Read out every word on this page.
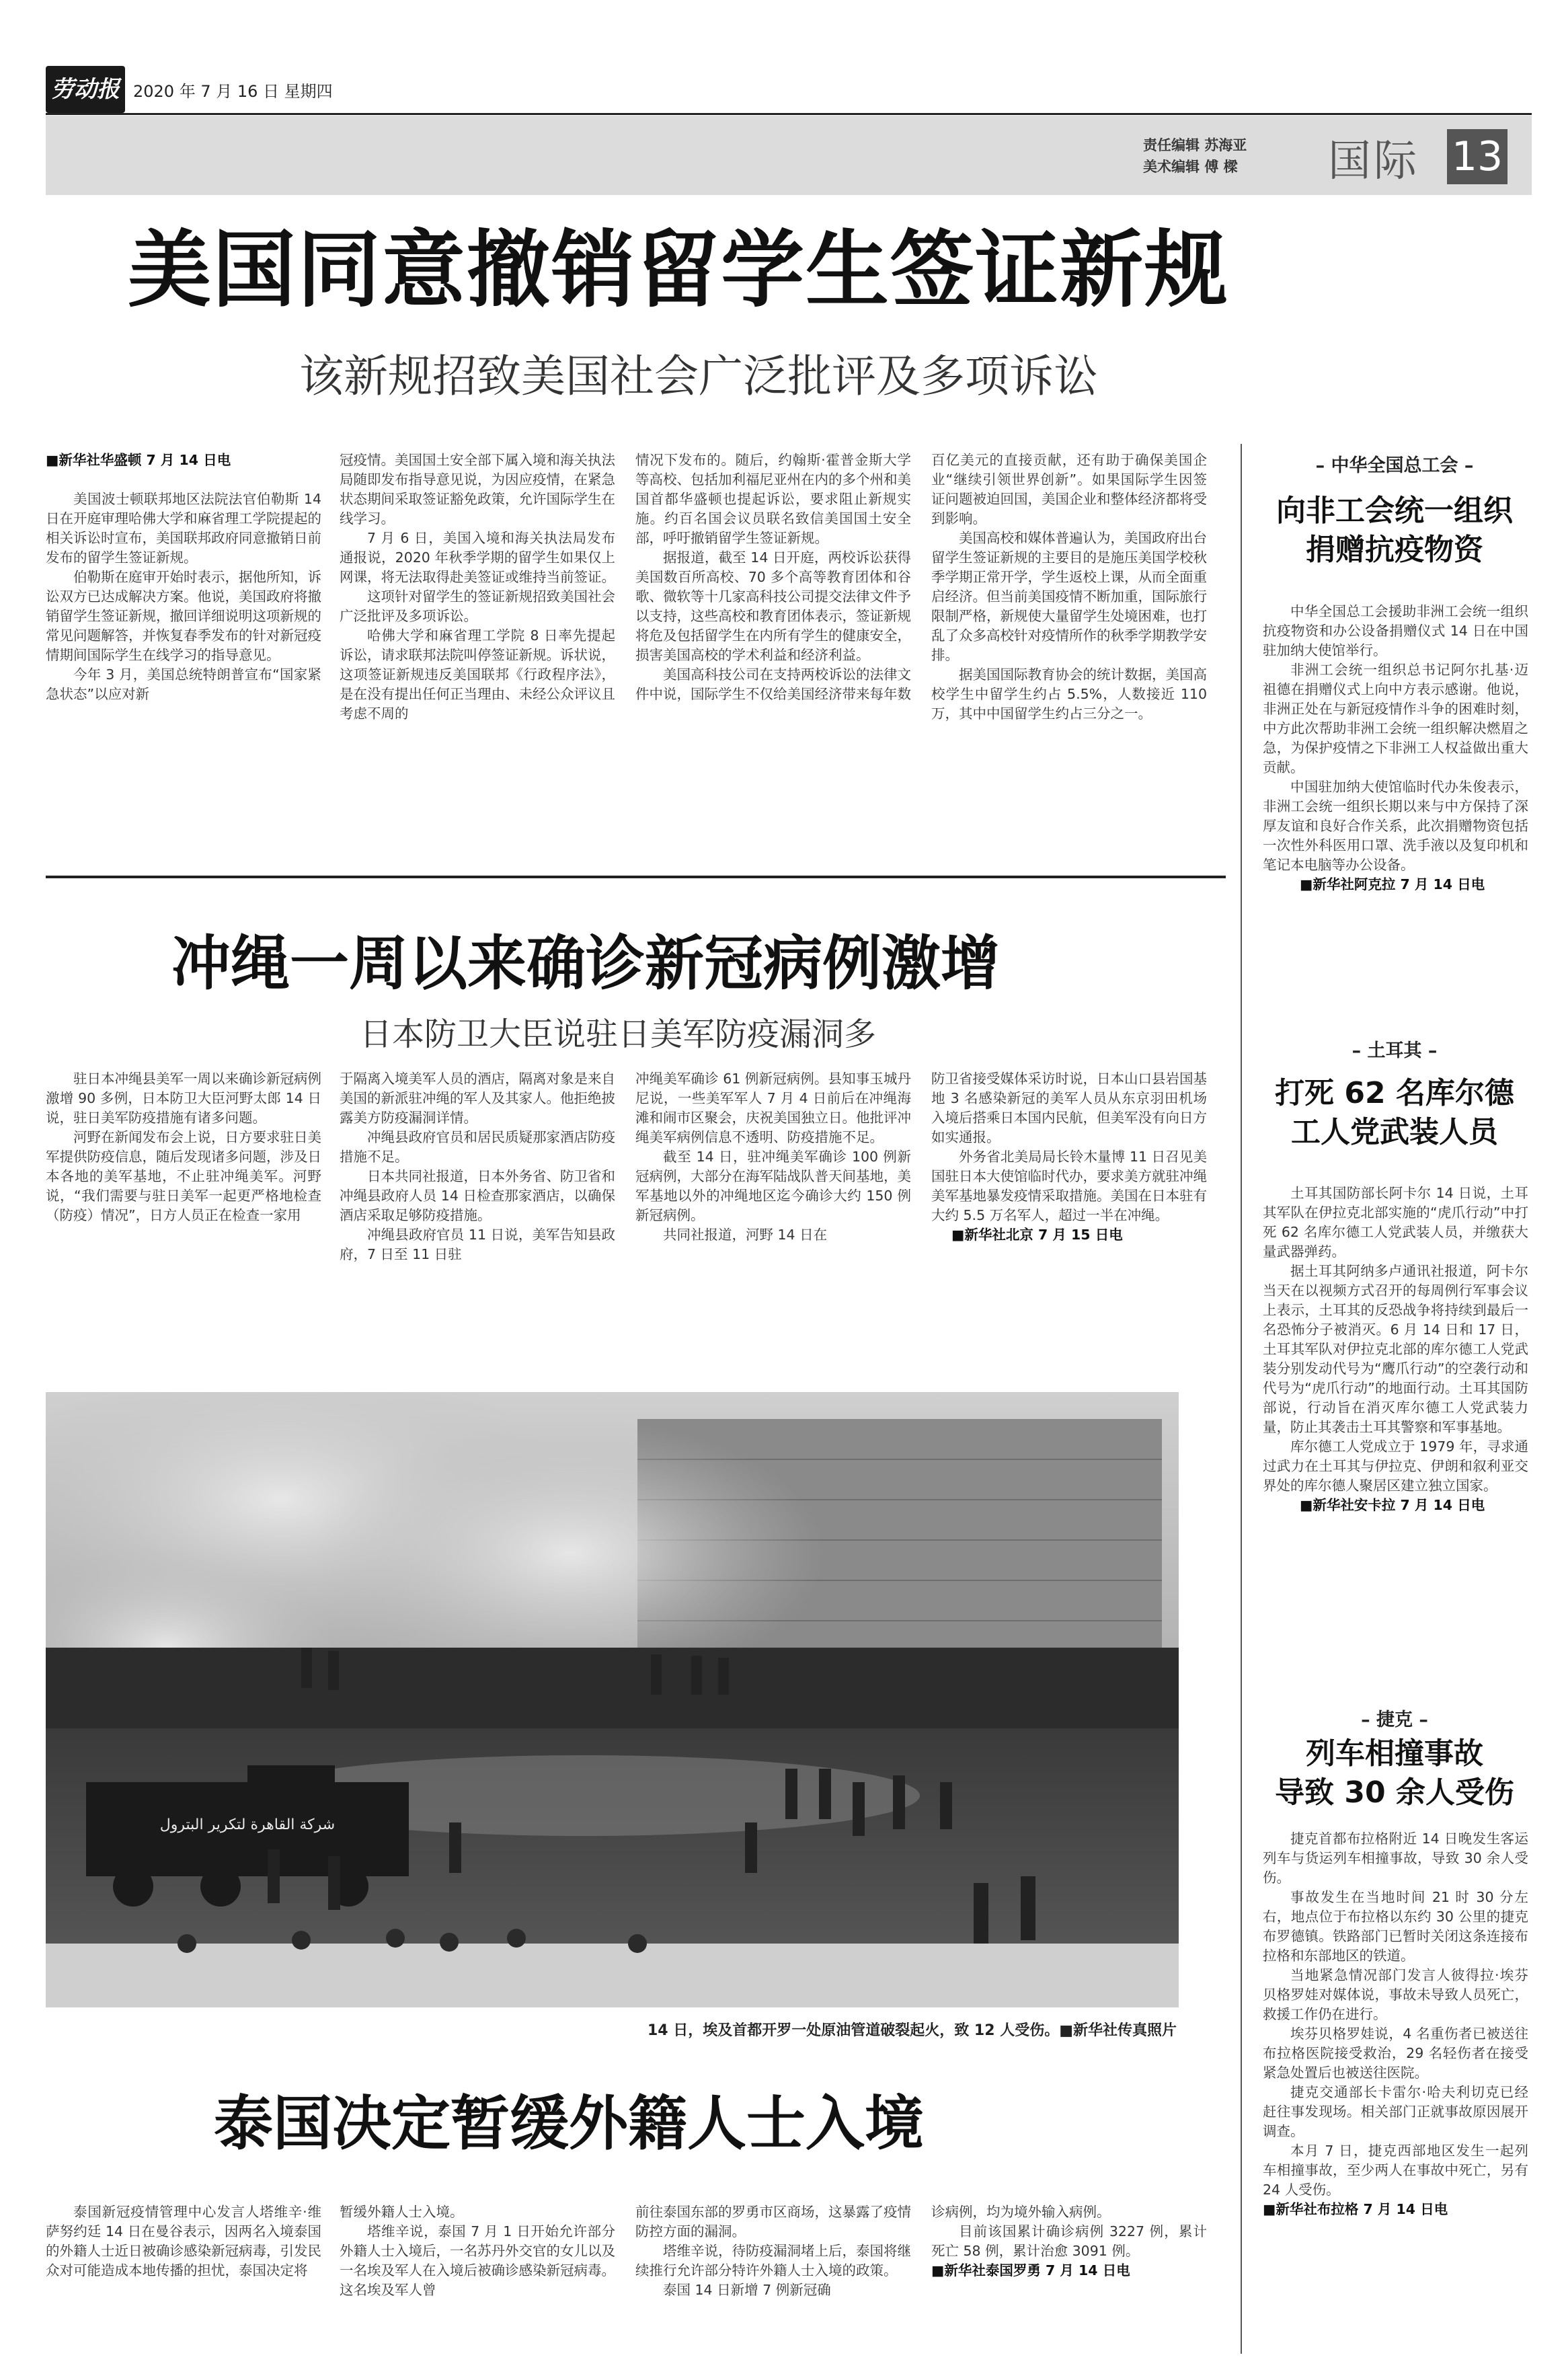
劳动报 2020 年 7 月 16 日 星期四
责任编辑 苏海亚
美术编辑 傅 樑 国际 13
美国同意撤销留学生签证新规
该新规招致美国社会广泛批评及多项诉讼

■新华社华盛顿 7 月 14 日电

美国波士顿联邦地区法院法官伯勒斯 14 日在开庭审理哈佛大学和麻省理工学院提起的相关诉讼时宣布，美国联邦政府同意撤销日前发布的留学生签证新规。

伯勒斯在庭审开始时表示，据他所知，诉讼双方已达成解决方案。他说，美国政府将撤销留学生签证新规，撤回详细说明这项新规的常见问题解答，并恢复春季发布的针对新冠疫情期间国际学生在线学习的指导意见。

今年 3 月，美国总统特朗普宣布“国家紧急状态”以应对新

冠疫情。美国国土安全部下属入境和海关执法局随即发布指导意见说，为因应疫情，在紧急状态期间采取签证豁免政策，允许国际学生在线学习。

7 月 6 日，美国入境和海关执法局发布通报说，2020 年秋季学期的留学生如果仅上网课，将无法取得赴美签证或维持当前签证。

这项针对留学生的签证新规招致美国社会广泛批评及多项诉讼。

哈佛大学和麻省理工学院 8 日率先提起诉讼，请求联邦法院叫停签证新规。诉状说，这项签证新规违反美国联邦《行政程序法》，是在没有提出任何正当理由、未经公众评议且考虑不周的

情况下发布的。随后，约翰斯·霍普金斯大学等高校、包括加利福尼亚州在内的多个州和美国首都华盛顿也提起诉讼，要求阻止新规实施。约百名国会议员联名致信美国国土安全部，呼吁撤销留学生签证新规。

据报道，截至 14 日开庭，两校诉讼获得美国数百所高校、70 多个高等教育团体和谷歌、微软等十几家高科技公司提交法律文件予以支持，这些高校和教育团体表示，签证新规将危及包括留学生在内所有学生的健康安全，损害美国高校的学术利益和经济利益。

美国高科技公司在支持两校诉讼的法律文件中说，国际学生不仅给美国经济带来每年数

百亿美元的直接贡献，还有助于确保美国企业“继续引领世界创新”。如果国际学生因签证问题被迫回国，美国企业和整体经济都将受到影响。

美国高校和媒体普遍认为，美国政府出台留学生签证新规的主要目的是施压美国学校秋季学期正常开学，学生返校上课，从而全面重启经济。但当前美国疫情不断加重，国际旅行限制严格，新规使大量留学生处境困难，也打乱了众多高校针对疫情所作的秋季学期教学安排。

据美国国际教育协会的统计数据，美国高校学生中留学生约占 5.5%，人数接近 110 万，其中中国留学生约占三分之一。

冲绳一周以来确诊新冠病例激增
日本防卫大臣说驻日美军防疫漏洞多

驻日本冲绳县美军一周以来确诊新冠病例激增 90 多例，日本防卫大臣河野太郎 14 日说，驻日美军防疫措施有诸多问题。

河野在新闻发布会上说，日方要求驻日美军提供防疫信息，随后发现诸多问题，涉及日本各地的美军基地，不止驻冲绳美军。河野说，“我们需要与驻日美军一起更严格地检查（防疫）情况”，日方人员正在检查一家用

于隔离入境美军人员的酒店，隔离对象是来自美国的新派驻冲绳的军人及其家人。他拒绝披露美方防疫漏洞详情。

冲绳县政府官员和居民质疑那家酒店防疫措施不足。

日本共同社报道，日本外务省、防卫省和冲绳县政府人员 14 日检查那家酒店，以确保酒店采取足够防疫措施。

冲绳县政府官员 11 日说，美军告知县政府，7 日至 11 日驻

冲绳美军确诊 61 例新冠病例。县知事玉城丹尼说，一些美军军人 7 月 4 日前后在冲绳海滩和闹市区聚会，庆祝美国独立日。他批评冲绳美军病例信息不透明、防疫措施不足。

截至 14 日，驻冲绳美军确诊 100 例新冠病例，大部分在海军陆战队普天间基地，美军基地以外的冲绳地区迄今确诊大约 150 例新冠病例。

共同社报道，河野 14 日在

防卫省接受媒体采访时说，日本山口县岩国基地 3 名感染新冠的美军人员从东京羽田机场入境后搭乘日本国内民航，但美军没有向日方如实通报。

外务省北美局局长铃木量博 11 日召见美国驻日本大使馆临时代办，要求美方就驻冲绳美军基地暴发疫情采取措施。美国在日本驻有大约 5.5 万名军人，超过一半在冲绳。

■新华社北京 7 月 15 日电

شركة القاهرة لتكرير البترول
14 日，埃及首都开罗一处原油管道破裂起火，致 12 人受伤。■新华社传真照片
泰国决定暂缓外籍人士入境

泰国新冠疫情管理中心发言人塔维辛·维萨努约廷 14 日在曼谷表示，因两名入境泰国的外籍人士近日被确诊感染新冠病毒，引发民众对可能造成本地传播的担忧，泰国决定将

暂缓外籍人士入境。

塔维辛说，泰国 7 月 1 日开始允许部分外籍人士入境后，一名苏丹外交官的女儿以及一名埃及军人在入境后被确诊感染新冠病毒。这名埃及军人曾

前往泰国东部的罗勇市区商场，这暴露了疫情防控方面的漏洞。

塔维辛说，待防疫漏洞堵上后，泰国将继续推行允许部分特许外籍人士入境的政策。

泰国 14 日新增 7 例新冠确

诊病例，均为境外输入病例。

目前该国累计确诊病例 3227 例，累计死亡 58 例，累计治愈 3091 例。

■新华社泰国罗勇 7 月 14 日电

– 中华全国总工会 –
向非工会统一组织
捐赠抗疫物资

中华全国总工会援助非洲工会统一组织抗疫物资和办公设备捐赠仪式 14 日在中国驻加纳大使馆举行。

非洲工会统一组织总书记阿尔扎基·迈祖德在捐赠仪式上向中方表示感谢。他说，非洲正处在与新冠疫情作斗争的困难时刻，中方此次帮助非洲工会统一组织解决燃眉之急，为保护疫情之下非洲工人权益做出重大贡献。

中国驻加纳大使馆临时代办朱俊表示，非洲工会统一组织长期以来与中方保持了深厚友谊和良好合作关系，此次捐赠物资包括一次性外科医用口罩、洗手液以及复印机和笔记本电脑等办公设备。

■新华社阿克拉 7 月 14 日电

– 土耳其 –
打死 62 名库尔德
工人党武装人员

土耳其国防部长阿卡尔 14 日说，土耳其军队在伊拉克北部实施的“虎爪行动”中打死 62 名库尔德工人党武装人员，并缴获大量武器弹药。

据土耳其阿纳多卢通讯社报道，阿卡尔当天在以视频方式召开的每周例行军事会议上表示，土耳其的反恐战争将持续到最后一名恐怖分子被消灭。6 月 14 日和 17 日，土耳其军队对伊拉克北部的库尔德工人党武装分别发动代号为“鹰爪行动”的空袭行动和代号为“虎爪行动”的地面行动。土耳其国防部说，行动旨在消灭库尔德工人党武装力量，防止其袭击土耳其警察和军事基地。

库尔德工人党成立于 1979 年，寻求通过武力在土耳其与伊拉克、伊朗和叙利亚交界处的库尔德人聚居区建立独立国家。

■新华社安卡拉 7 月 14 日电

– 捷克 –
列车相撞事故
导致 30 余人受伤

捷克首都布拉格附近 14 日晚发生客运列车与货运列车相撞事故，导致 30 余人受伤。

事故发生在当地时间 21 时 30 分左右，地点位于布拉格以东约 30 公里的捷克布罗德镇。铁路部门已暂时关闭这条连接布拉格和东部地区的铁道。

当地紧急情况部门发言人彼得拉·埃芬贝格罗娃对媒体说，事故未导致人员死亡，救援工作仍在进行。

埃芬贝格罗娃说，4 名重伤者已被送往布拉格医院接受救治，29 名轻伤者在接受紧急处置后也被送往医院。

捷克交通部长卡雷尔·哈夫利切克已经赶往事发现场。相关部门正就事故原因展开调查。

本月 7 日，捷克西部地区发生一起列车相撞事故，至少两人在事故中死亡，另有 24 人受伤。

■新华社布拉格 7 月 14 日电
